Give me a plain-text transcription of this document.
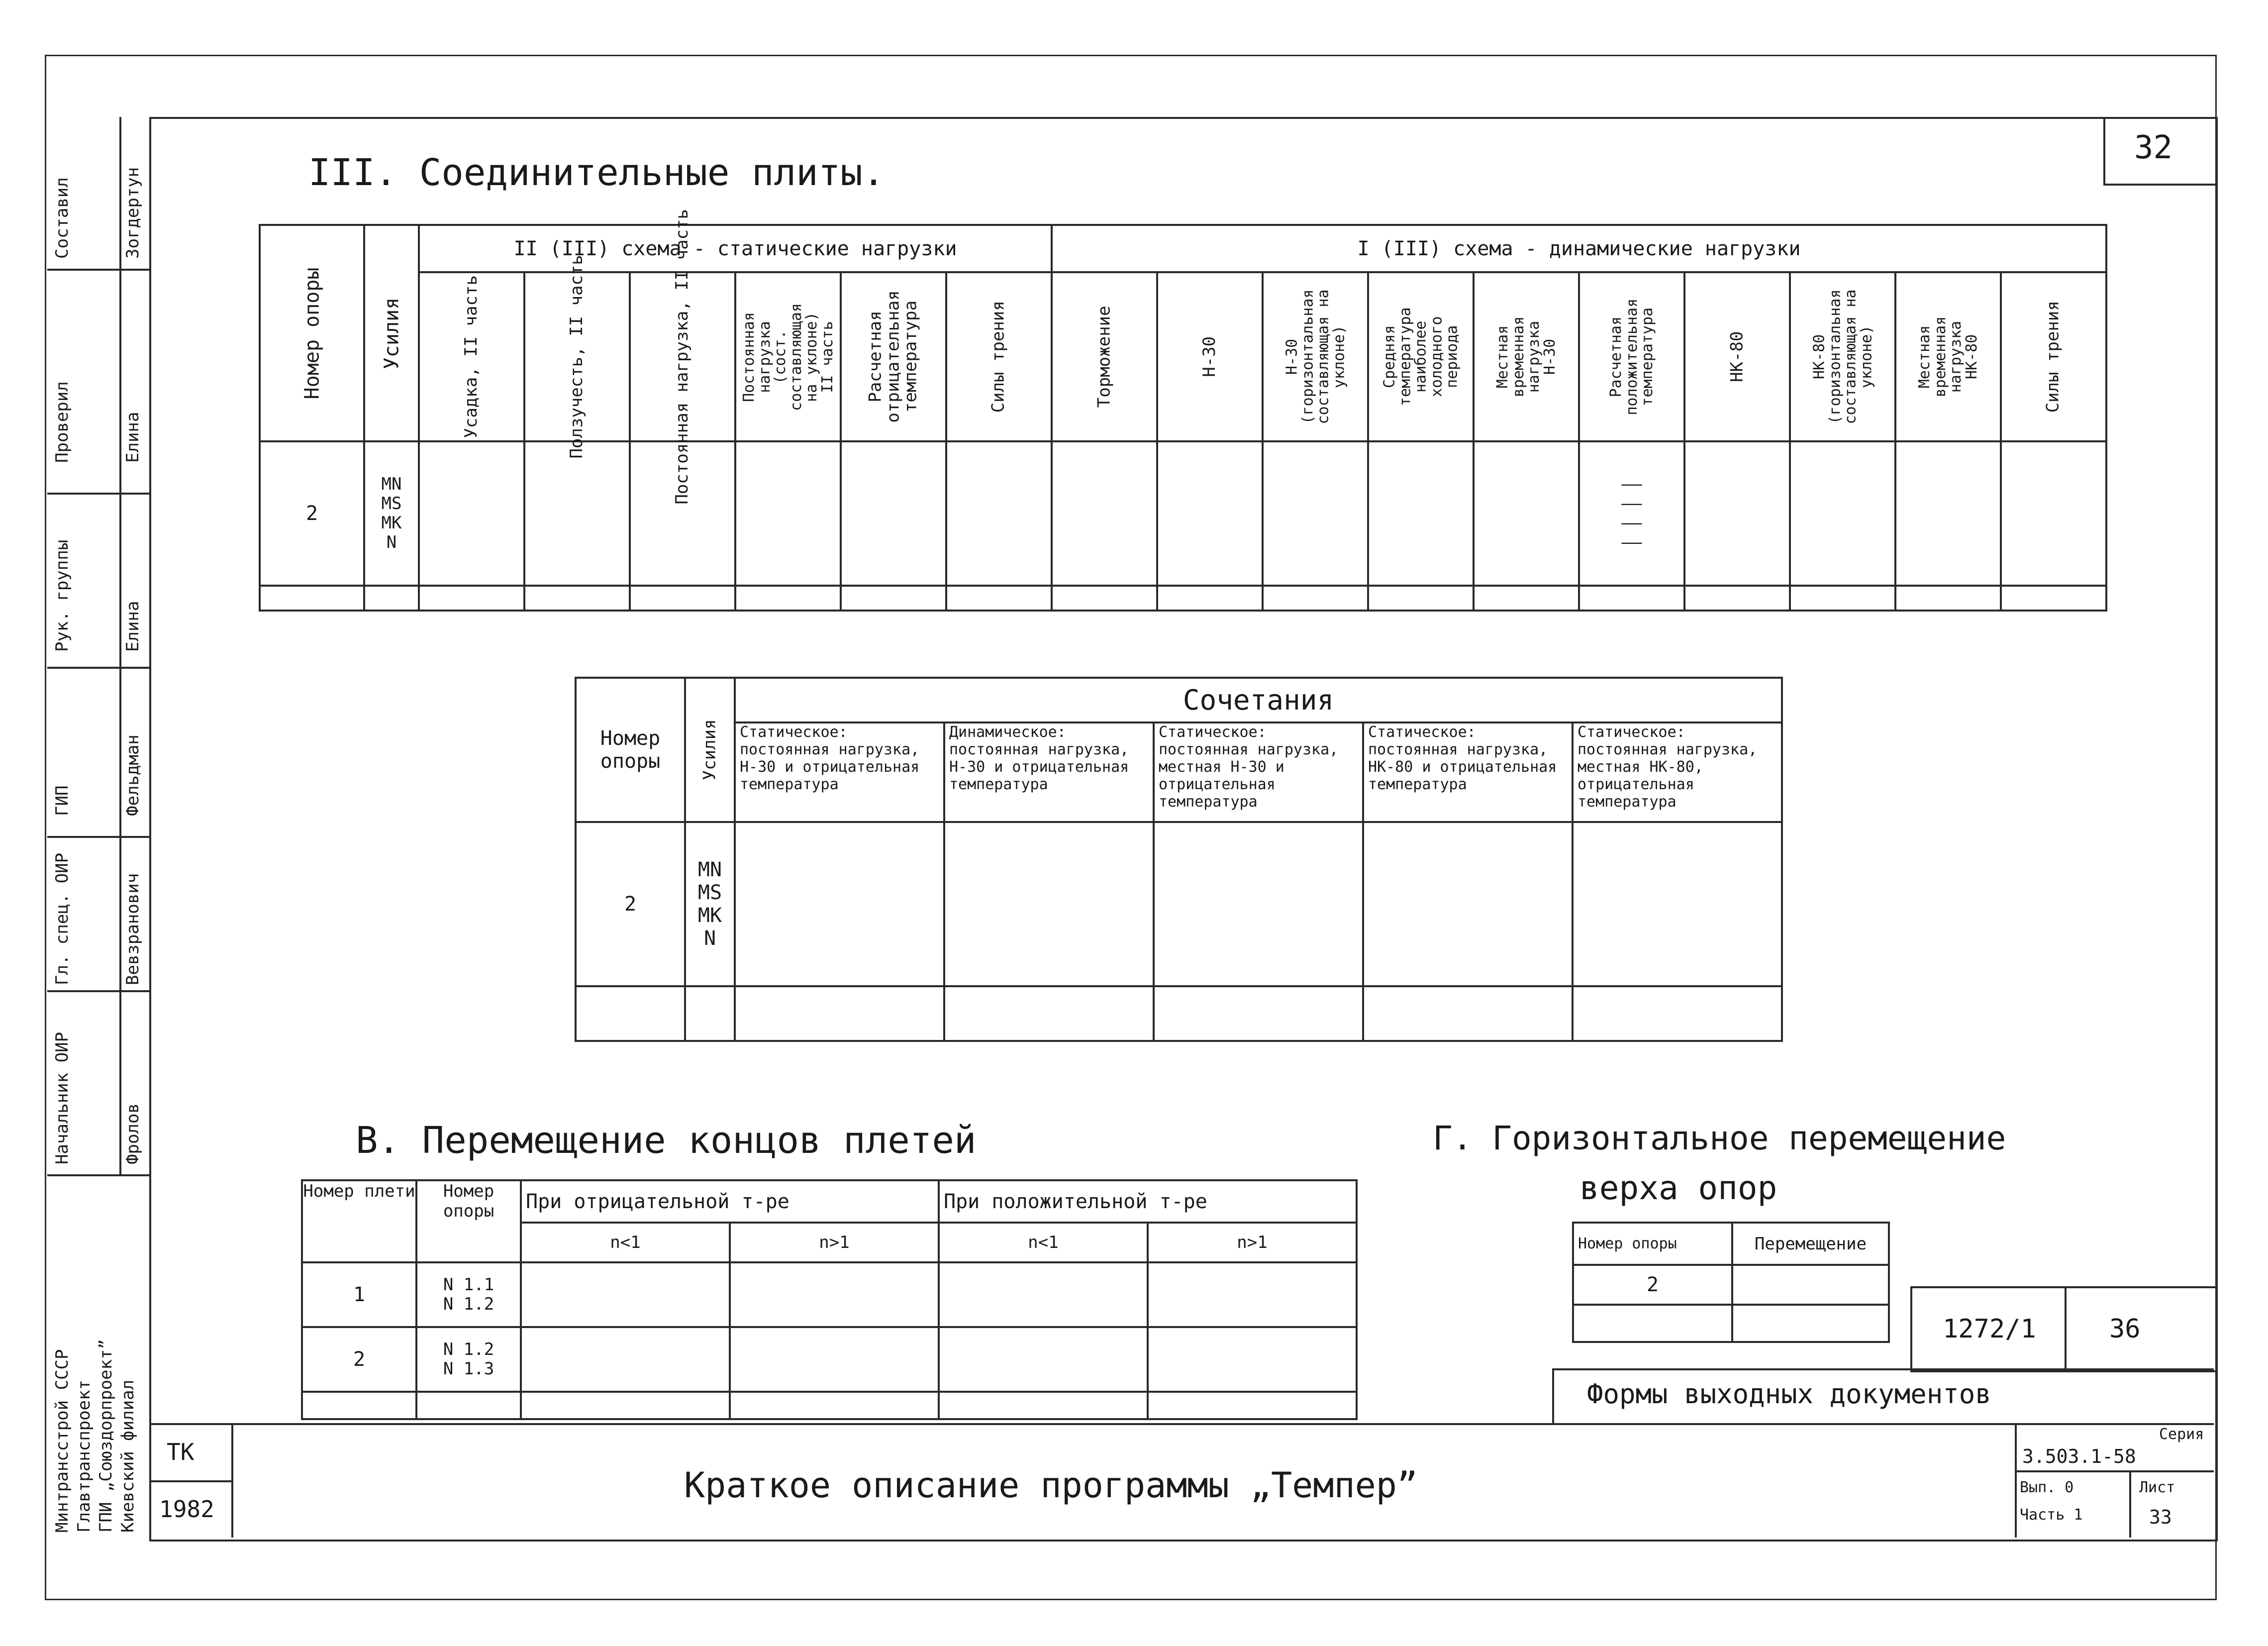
32
Составил	Зогдертун
Проверил	Елина
Рук. группы	Елина
ГИП	Фельдман
Гл. спец. ОИР	Вевзранович
Начальник ОИР	Фролов
Минтрансстрой СССР Главтранспроект ГПИ „Союздорпроект” Киевский филиал
III. Соединительные плиты.
Номер опоры	Усилия	II (III) схема - статические нагрузки						I (III) схема - динамические нагрузки									

		Усадка, II часть	Ползучесть, II часть	Постоянная нагрузка, II часть	Постоянная нагрузка (сост. составляющая на уклоне) II часть	Расчетная отрицательная температура	Силы трения	Торможение	Н-30	Н-30 (горизонтальная составляющая на уклоне)	Средняя температура наиболее холодного периода	Местная временная нагрузка Н-30	Расчетная положительная температура	НК-80	НК-80 (горизонтальная составляющая на уклоне)	Местная временная нагрузка НК-80	Силы трения

2	MN
MS
MK
N												——
——
——
——				

Номер опоры	Усилия	Сочетания				
		Статическое: постоянная нагрузка, Н-30 и отрицательная температура	Динамическое: постоянная нагрузка, Н-30 и отрицательная температура	Статическое: постоянная нагрузка, местная Н-30 и отрицательная температура	Статическое: постоянная нагрузка, НК-80 и отрицательная температура	Статическое: постоянная нагрузка, местная НК-80, отрицательная температура
2	MN
MS
MK
N					

В. Перемещение концов плетей
Номер плети	Номер опоры	При отрицательной т-ре		При положительной т-ре	
		n<1	n>1	n<1	n>1
1	N 1.1
N 1.2				

2	N 1.2
N 1.3				

Г. Горизонтальное перемещение
верха опор
Номер опоры	Перемещение
2	

1272/1	36
Формы выходных документов
ТК
1982
Краткое описание программы „Темпер”
Серия
3.503.1-58
Вып. 0
Часть 1
Лист
33
